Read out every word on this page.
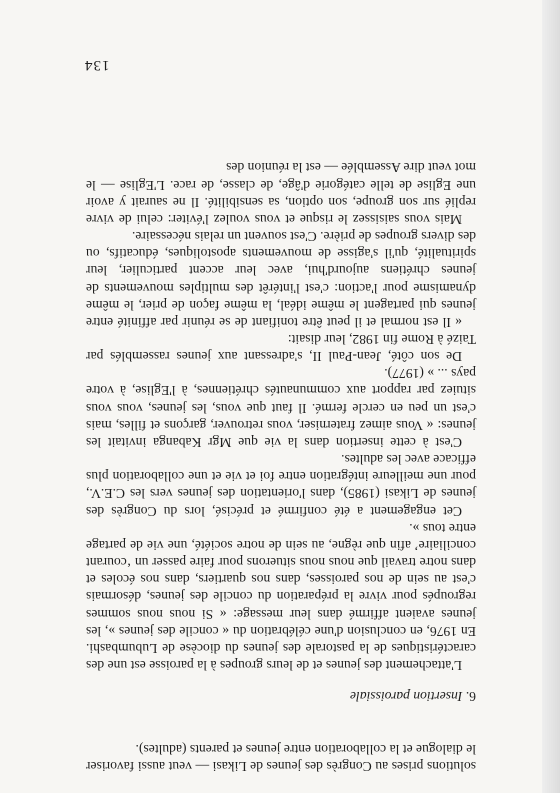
solutions prises au Congrès des jeunes de Likasi — veut aussi favoriser le dialogue et la collaboration entre jeunes et parents (adultes).

6. Insertion paroissiale

L'attachement des jeunes et de leurs groupes à la paroisse est une des caractéristiques de la pastorale des jeunes du diocèse de Lubumbashi. En 1976, en conclusion d'une célébration du « concile des jeunes », les jeunes avaient affirmé dans leur message: « Si nous nous sommes regroupés pour vivre la préparation du concile des jeunes, désormais c'est au sein de nos paroisses, dans nos quartiers, dans nos écoles et dans notre travail que nous nous situerons pour faire passer un ‘courant conciliaire’ afin que règne, au sein de notre société, une vie de partage entre tous ».

Cet engagement a été confirmé et précisé, lors du Congrès des jeunes de Likasi (1985), dans l'orientation des jeunes vers les C.E.V., pour une meilleure intégration entre foi et vie et une collaboration plus efficace avec les adultes.

C'est à cette insertion dans la vie que Mgr Kabanga invitait les jeunes: « Vous aimez fraterniser, vous retrouver, garçons et filles, mais c'est un peu en cercle fermé. Il faut que vous, les jeunes, vous vous situiez par rapport aux communautés chrétiennes, à l'Eglise, à votre pays ... » (1977).

De son côté, Jean-Paul II, s'adressant aux jeunes rassemblés par Taizé à Rome fin 1982, leur disait:

« Il est normal et il peut être tonifiant de se réunir par affinité entre jeunes qui partagent le même idéal, la même façon de prier, le même dynamisme pour l'action: c'est l'intérêt des multiples mouvements de jeunes chrétiens aujourd'hui, avec leur accent particulier, leur spiritualité, qu'il s'agisse de mouvements apostoliques, éducatifs, ou des divers groupes de prière. C'est souvent un relais nécessaire.

Mais vous saisissez le risque et vous voulez l'éviter: celui de vivre replié sur son groupe, son option, sa sensibilité. Il ne saurait y avoir une Eglise de telle catégorie d'âge, de classe, de race. L'Eglise — le mot veut dire Assemblée — est la réunion des

134
